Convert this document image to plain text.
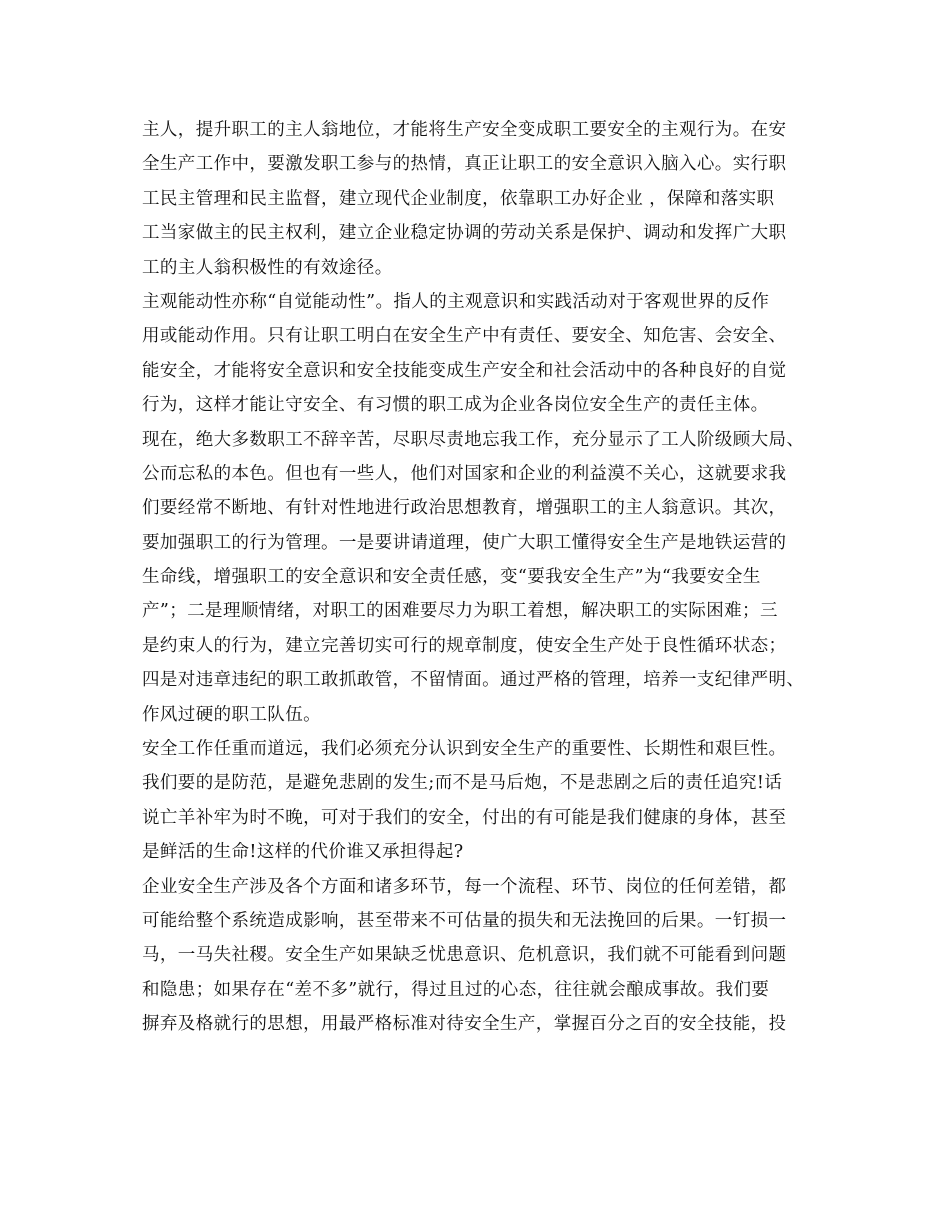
主人，提升职工的主人翁地位，才能将生产安全变成职工要安全的主观行为。在安
全生产工作中，要激发职工参与的热情，真正让职工的安全意识入脑入心。实行职
工民主管理和民主监督，建立现代企业制度，依靠职工办好企业 ，保障和落实职
工当家做主的民主权利，建立企业稳定协调的劳动关系是保护、调动和发挥广大职
工的主人翁积极性的有效途径。
主观能动性亦称“自觉能动性”。指人的主观意识和实践活动对于客观世界的反作
用或能动作用。只有让职工明白在安全生产中有责任、要安全、知危害、会安全、
能安全，才能将安全意识和安全技能变成生产安全和社会活动中的各种良好的自觉
行为，这样才能让守安全、有习惯的职工成为企业各岗位安全生产的责任主体。
现在，绝大多数职工不辞辛苦，尽职尽责地忘我工作，充分显示了工人阶级顾大局、
公而忘私的本色。但也有一些人，他们对国家和企业的利益漠不关心，这就要求我
们要经常不断地、有针对性地进行政治思想教育，增强职工的主人翁意识。其次，
要加强职工的行为管理。一是要讲请道理，使广大职工懂得安全生产是地铁运营的
生命线，增强职工的安全意识和安全责任感，变“要我安全生产”为“我要安全生
产”；二是理顺情绪，对职工的困难要尽力为职工着想，解决职工的实际困难；三
是约束人的行为，建立完善切实可行的规章制度，使安全生产处于良性循环状态；
四是对违章违纪的职工敢抓敢管，不留情面。通过严格的管理，培养一支纪律严明、
作风过硬的职工队伍。
安全工作任重而道远，我们必须充分认识到安全生产的重要性、长期性和艰巨性。
我们要的是防范，是避免悲剧的发生;而不是马后炮，不是悲剧之后的责任追究!话
说亡羊补牢为时不晚，可对于我们的安全，付出的有可能是我们健康的身体，甚至
是鲜活的生命!这样的代价谁又承担得起?
企业安全生产涉及各个方面和诸多环节，每一个流程、环节、岗位的任何差错，都
可能给整个系统造成影响，甚至带来不可估量的损失和无法挽回的后果。一钉损一
马，一马失社稷。安全生产如果缺乏忧患意识、危机意识，我们就不可能看到问题
和隐患；如果存在“差不多”就行，得过且过的心态，往往就会酿成事故。我们要
摒弃及格就行的思想，用最严格标准对待安全生产，掌握百分之百的安全技能，投
